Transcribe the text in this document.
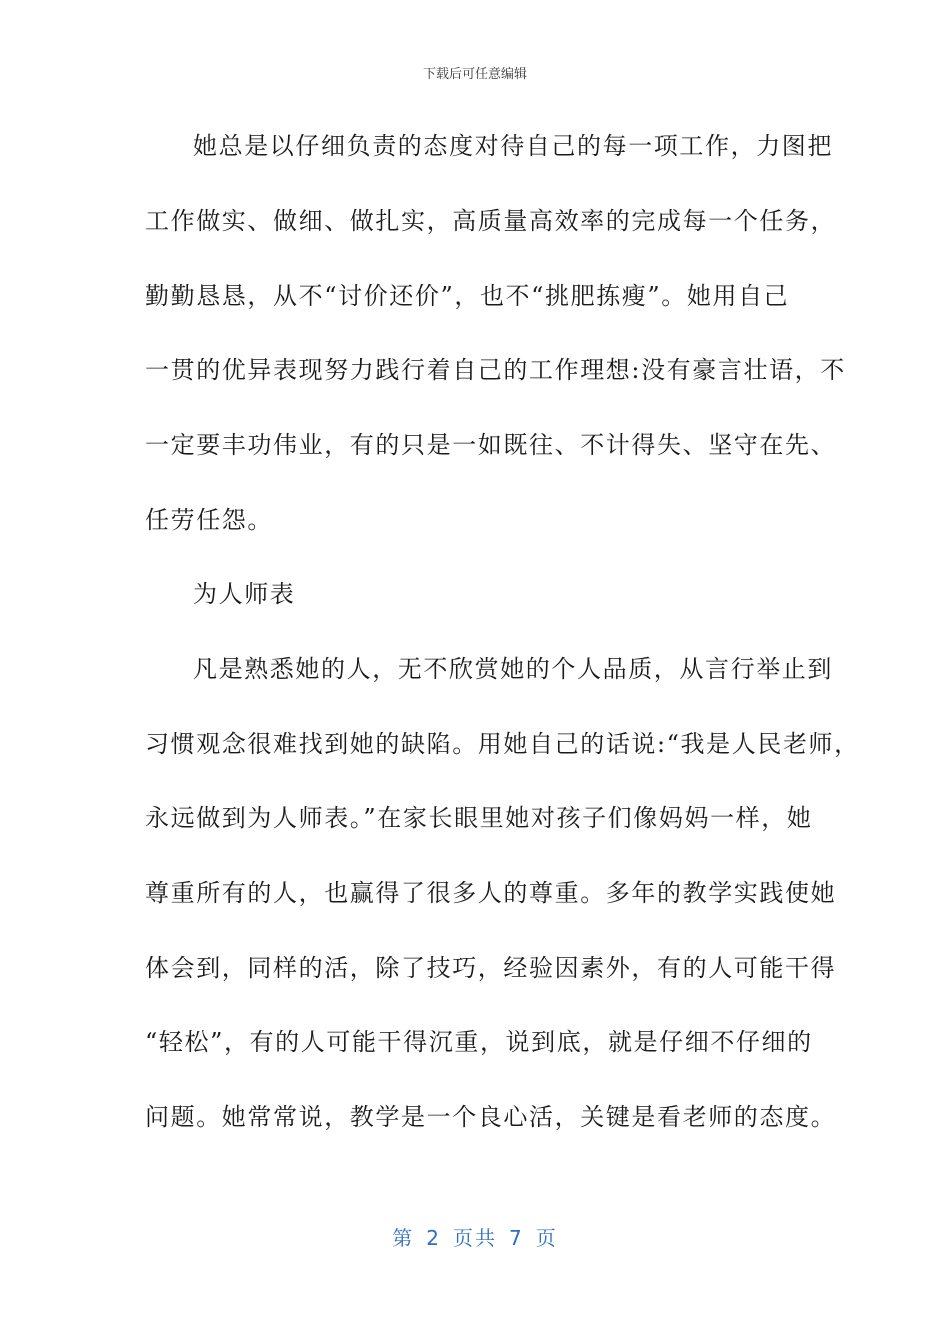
下载后可任意编辑
她总是以仔细负责的态度对待自己的每一项工作，力图把
工作做实、做细、做扎实，高质量高效率的完成每一个任务，
勤勤恳恳，从不“讨价还价”，也不“挑肥拣瘦”。她用自己
一贯的优异表现努力践行着自己的工作理想:没有豪言壮语，不
一定要丰功伟业，有的只是一如既往、不计得失、坚守在先、
任劳任怨。
为人师表
凡是熟悉她的人，无不欣赏她的个人品质，从言行举止到
习惯观念很难找到她的缺陷。用她自己的话说:“我是人民老师，
永远做到为人师表。”在家长眼里她对孩子们像妈妈一样，她
尊重所有的人，也赢得了很多人的尊重。多年的教学实践使她
体会到，同样的活，除了技巧，经验因素外，有的人可能干得
“轻松”，有的人可能干得沉重，说到底，就是仔细不仔细的
问题。她常常说，教学是一个良心活，关键是看老师的态度。
第 2 页共 7 页
